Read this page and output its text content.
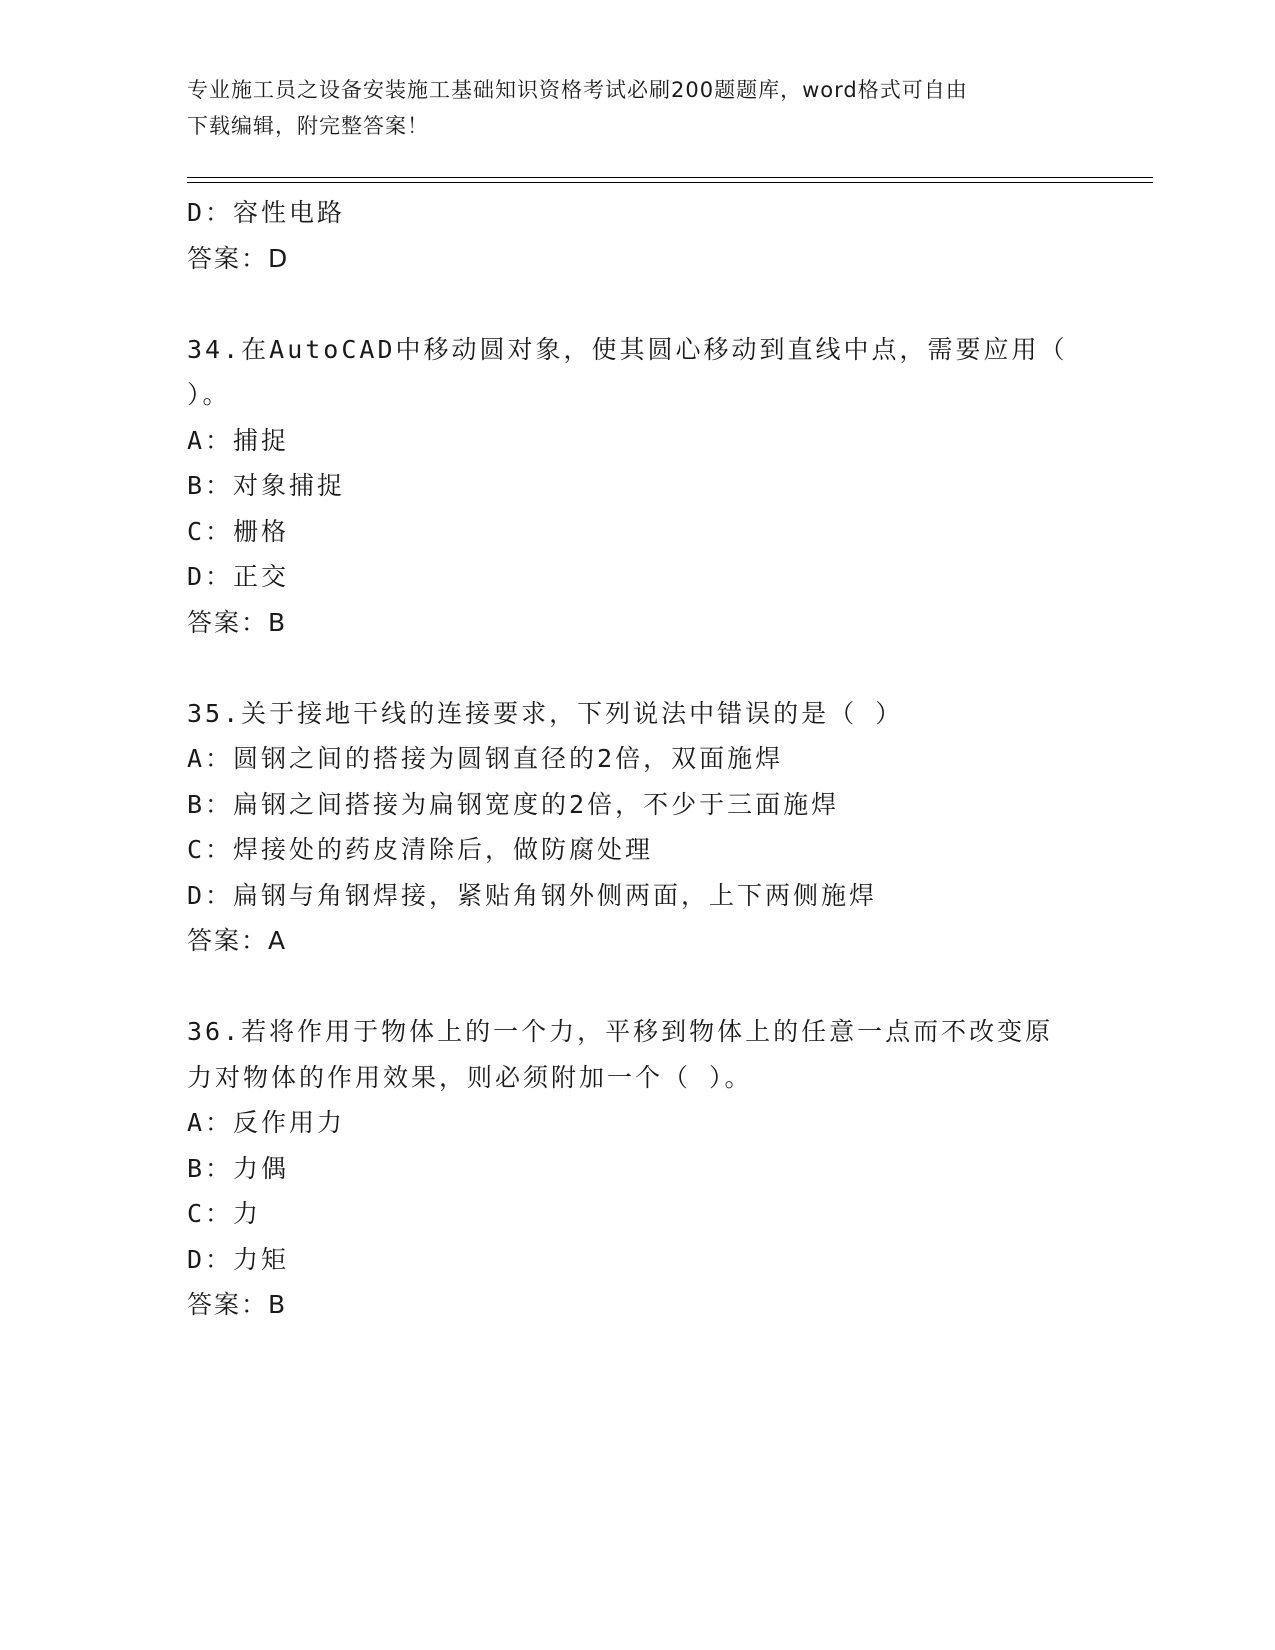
专业施工员之设备安装施工基础知识资格考试必刷200题题库，word格式可自由
下载编辑，附完整答案！
D：容性电路
答案：D
34.在AutoCAD中移动圆对象，使其圆心移动到直线中点，需要应用（
）。
A：捕捉
B：对象捕捉
C：栅格
D：正交
答案：B
35.关于接地干线的连接要求，下列说法中错误的是（ ）
A：圆钢之间的搭接为圆钢直径的2倍，双面施焊
B：扁钢之间搭接为扁钢宽度的2倍，不少于三面施焊
C：焊接处的药皮清除后，做防腐处理
D：扁钢与角钢焊接，紧贴角钢外侧两面，上下两侧施焊
答案：A
36.若将作用于物体上的一个力，平移到物体上的任意一点而不改变原
力对物体的作用效果，则必须附加一个（ ）。
A：反作用力
B：力偶
C：力
D：力矩
答案：B
